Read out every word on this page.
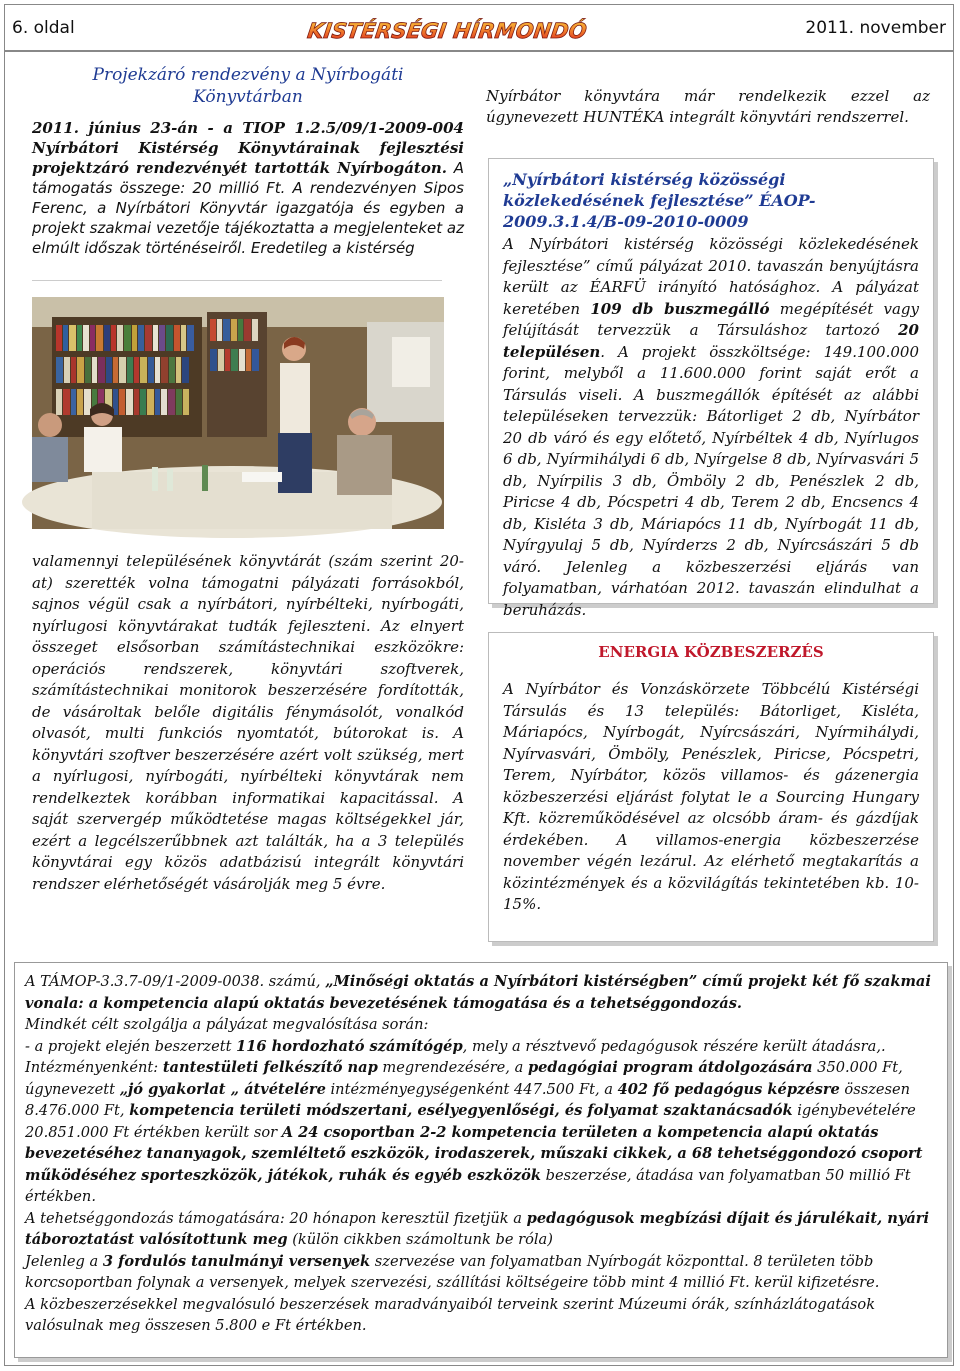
6. oldal	KISTÉRSÉGI HÍRMONDÓ	2011. november
Projekzáró rendezvény a Nyírbogáti Könyvtárban
2011. június 23-án - a TIOP 1.2.5/09/1-2009-004 Nyírbátori Kistérség Könyvtárainak fejlesztési projektzáró rendezvényét tartották Nyírbogáton. A támogatás összege: 20 millió Ft. A rendezvényen Sipos Ferenc, a Nyírbátori Könyvtár igazgatója és egyben a projekt szakmai vezetője tájékoztatta a megjelenteket az elmúlt időszak történéseiről. Eredetileg a kistérség
valamennyi településének könyvtárát (szám szerint 20-at) szerették volna támogatni pályázati forrásokból, sajnos végül csak a nyírbátori, nyírbélteki, nyírbogáti, nyírlugosi könyvtárakat tudták fejleszteni. Az elnyert összeget elsősorban számítástechnikai eszközökre: operációs rendszerek, könyvtári szoftverek, számítástechnikai monitorok beszerzésére fordították, de vásároltak belőle digitális fénymásolót, vonalkód olvasót, multi funkciós nyomtatót, bútorokat is. A könyvtári szoftver beszerzésére azért volt szükség, mert a nyírlugosi, nyírbogáti, nyírbélteki könyvtárak nem rendelkeztek korábban informatikai kapacitással. A saját szervergép működtetése magas költségekkel jár, ezért a legcélszerűbbnek azt találták, ha a 3 település könyvtárai egy közös adatbázisú integrált könyvtári rendszer elérhetőségét vásárolják meg 5 évre.
Nyírbátor könyvtára már rendelkezik ezzel az úgynevezett HUNTÉKA integrált könyvtári rendszerrel.
„Nyírbátori kistérség közösségi közlekedésének fejlesztése” ÉAOP-2009.3.1.4/B-09-2010-0009
A Nyírbátori kistérség közösségi közlekedésének fejlesztése” című pályázat 2010. tavaszán benyújtásra került az ÉARFÜ irányító hatósághoz. A pályázat keretében 109 db buszmegálló megépítését vagy felújítását tervezzük a Társuláshoz tartozó 20 településen. A projekt összköltsége: 149.100.000 forint, melyből a 11.600.000 forint saját erőt a Társulás viseli. A buszmegállók építését az alábbi településeken tervezzük: Bátorliget 2 db, Nyírbátor 20 db váró és egy előtető, Nyírbéltek 4 db, Nyírlugos 6 db, Nyírmihálydi 6 db, Nyírgelse 8 db, Nyírvasvári 5 db, Nyírpilis 3 db, Ömböly 2 db, Penészlek 2 db, Piricse 4 db, Pócspetri 4 db, Terem 2 db, Encsencs 4 db, Kisléta 3 db, Máriapócs 11 db, Nyírbogát 11 db, Nyírgyulaj 5 db, Nyírderzs 2 db, Nyírcsászári 5 db váró. Jelenleg a közbeszerzési eljárás van folyamatban, várhatóan 2012. tavaszán elindulhat a beruházás.
ENERGIA KÖZBESZERZÉS
A Nyírbátor és Vonzáskörzete Többcélú Kistérségi Társulás és 13 település: Bátorliget, Kisléta, Máriapócs, Nyírbogát, Nyírcsászári, Nyírmihálydi, Nyírvasvári, Ömböly, Penészlek, Piricse, Pócspetri, Terem, Nyírbátor, közös villamos- és gázenergia közbeszerzési eljárást folytat le a Sourcing Hungary Kft. közreműködésével az olcsóbb áram- és gázdíjak érdekében. A villamos-energia közbeszerzése november végén lezárul. Az elérhető megtakarítás a közintézmények és a közvilágítás tekintetében kb. 10-15%.

A TÁMOP-3.3.7-09/1-2009-0038. számú, „Minőségi oktatás a Nyírbátori kistérségben” című projekt két fő szakmai vonala: a kompetencia alapú oktatás bevezetésének támogatása és a tehetséggondozás.

Mindkét célt szolgálja a pályázat megvalósítása során:

- a projekt elején beszerzett 116 hordozható számítógép, mely a résztvevő pedagógusok részére került átadásra,. Intézményenként: tantestületi felkészítő nap megrendezésére, a pedagógiai program átdolgozására 350.000 Ft, úgynevezett „jó gyakorlat „ átvételére intézményegységenként 447.500 Ft, a 402 fő pedagógus képzésre összesen 8.476.000 Ft, kompetencia területi módszertani, esélyegyenlőségi, és folyamat szaktanácsadók igénybevételére 20.851.000 Ft értékben került sor A 24 csoportban 2-2 kompetencia területen a kompetencia alapú oktatás bevezetéséhez tananyagok, szemléltető eszközök, irodaszerek, műszaki cikkek, a 68 tehetséggondozó csoport működéséhez sporteszközök, játékok, ruhák és egyéb eszközök beszerzése, átadása van folyamatban 50 millió Ft értékben.

A tehetséggondozás támogatására: 20 hónapon keresztül fizetjük a pedagógusok megbízási díjait és járulékait, nyári táboroztatást valósítottunk meg (külön cikkben számoltunk be róla)

Jelenleg a 3 fordulós tanulmányi versenyek szervezése van folyamatban Nyírbogát központtal. 8 területen több korcsoportban folynak a versenyek, melyek szervezési, szállítási költségeire több mint 4 millió Ft. kerül kifizetésre.

A közbeszerzésekkel megvalósuló beszerzések maradványaiból terveink szerint Múzeumi órák, színházlátogatások valósulnak meg összesen 5.800 e Ft értékben.
